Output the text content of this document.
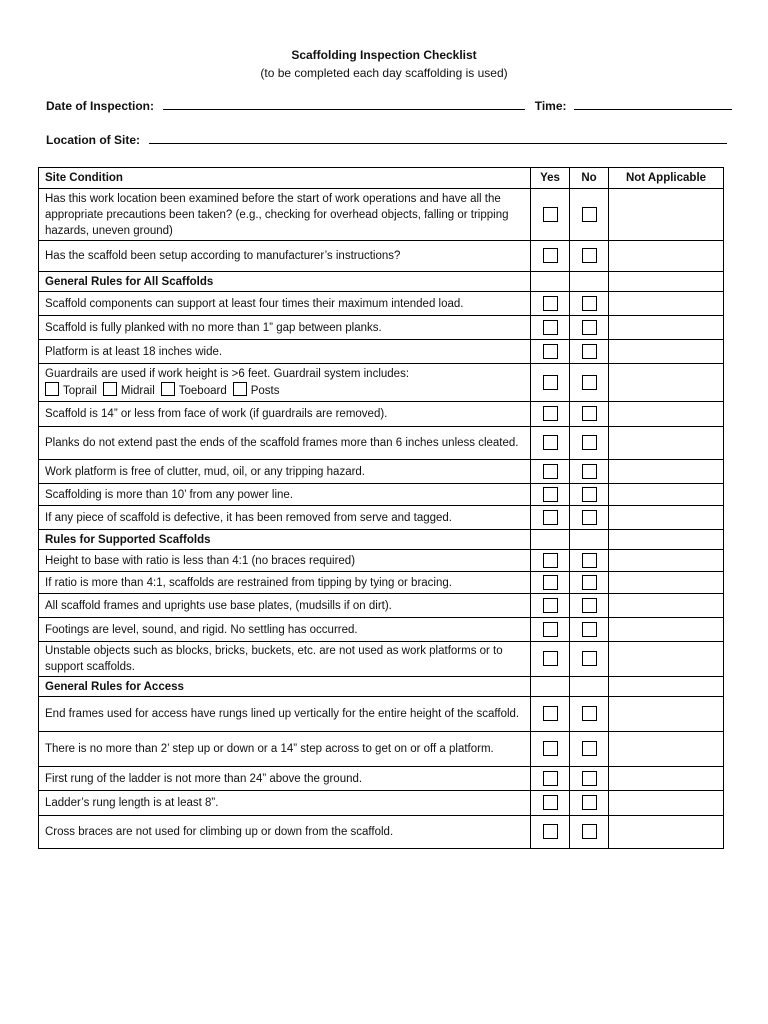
Scaffolding Inspection Checklist
(to be completed each day scaffolding is used)
Date of Inspection:	Time:
Location of Site:
Site Condition	Yes	No	Not Applicable
Has this work location been examined before the start of work operations and have all the appropriate precautions been taken? (e.g., checking for overhead objects, falling or tripping hazards, uneven ground)			
Has the scaffold been setup according to manufacturer’s instructions?			
General Rules for All Scaffolds			
Scaffold components can support at least four times their maximum intended load.			
Scaffold is fully planked with no more than 1” gap between planks.			
Platform is at least 18 inches wide.			
Guardrails are used if work height is >6 feet. Guardrail system includes:
Toprail Midrail Toeboard Posts			
Scaffold is 14” or less from face of work (if guardrails are removed).			
Planks do not extend past the ends of the scaffold frames more than 6 inches unless cleated.			
Work platform is free of clutter, mud, oil, or any tripping hazard.			
Scaffolding is more than 10’ from any power line.			
If any piece of scaffold is defective, it has been removed from serve and tagged.			
Rules for Supported Scaffolds			
Height to base with ratio is less than 4:1 (no braces required)			
If ratio is more than 4:1, scaffolds are restrained from tipping by tying or bracing.			
All scaffold frames and uprights use base plates, (mudsills if on dirt).			
Footings are level, sound, and rigid. No settling has occurred.			
Unstable objects such as blocks, bricks, buckets, etc. are not used as work platforms or to support scaffolds.			
General Rules for Access			
End frames used for access have rungs lined up vertically for the entire height of the scaffold.			
There is no more than 2’ step up or down or a 14” step across to get on or off a platform.			
First rung of the ladder is not more than 24” above the ground.			
Ladder’s rung length is at least 8”.			
Cross braces are not used for climbing up or down from the scaffold.			
